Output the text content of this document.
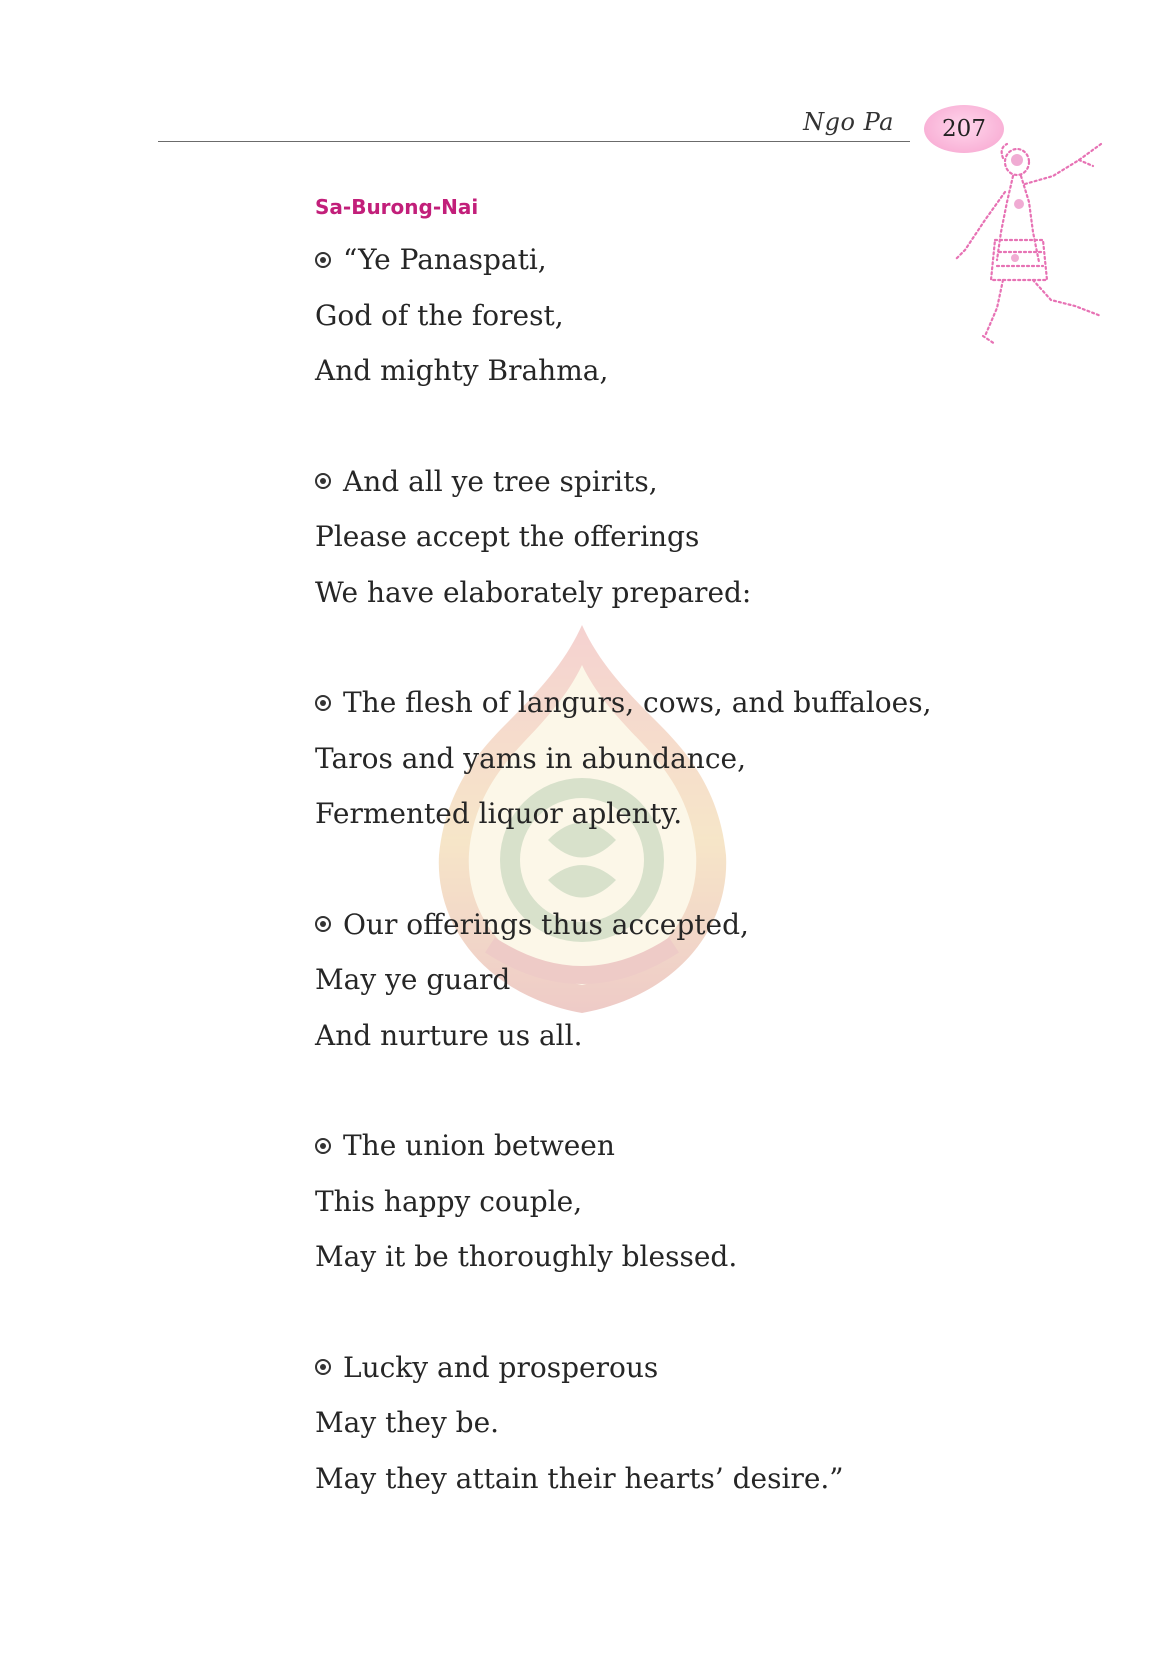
Ngo Pa 207
Sa-Burong-Nai
“Ye Panaspati,
God of the forest,
And mighty Brahma,
And all ye tree spirits,
Please accept the offerings
We have elaborately prepared:
The flesh of langurs, cows, and buffaloes,
Taros and yams in abundance,
Fermented liquor aplenty.
Our offerings thus accepted,
May ye guard
And nurture us all.
The union between
This happy couple,
May it be thoroughly blessed.
Lucky and prosperous
May they be.
May they attain their hearts’ desire.”
